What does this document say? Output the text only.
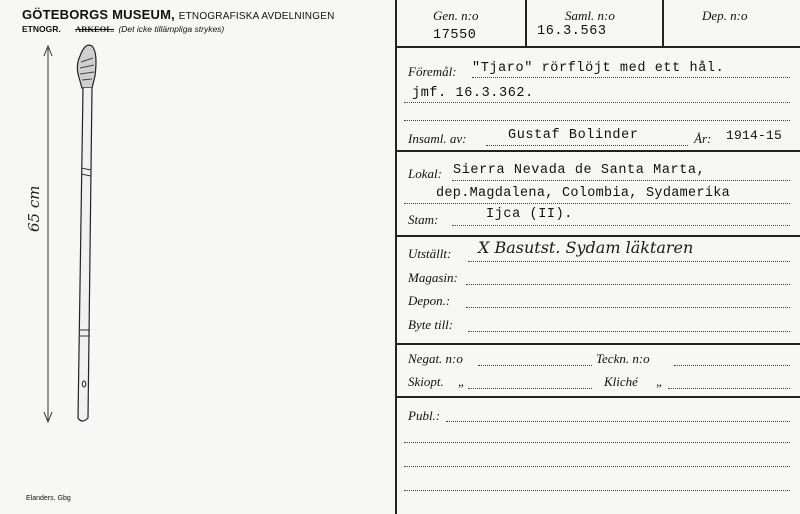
GÖTEBORGS MUSEUM, ETNOGRAFISKA AVDELNINGEN
ETNOGR. ARKEOL. (Det icke tillämpliga strykes)
65 cm
Elanders, Gbg
Gen. n:o
17550
Saml. n:o
16.3.563
Dep. n:o
Föremål: "Tjaro" rörflöjt med ett hål.
jmf. 16.3.362.
Insaml. av:	Gustaf Bolinder	År: 1914-15
Lokal: Sierra Nevada de Santa Marta,
dep.Magdalena, Colombia, Sydamerika
Stam:	Ijca (II).
Utställt: X Basutst. Sydam läktaren
Magasin:
Depon.:
Byte till:
Negat. n:o	Teckn. n:o
Skiopt. „	Kliché „
Publ.:
